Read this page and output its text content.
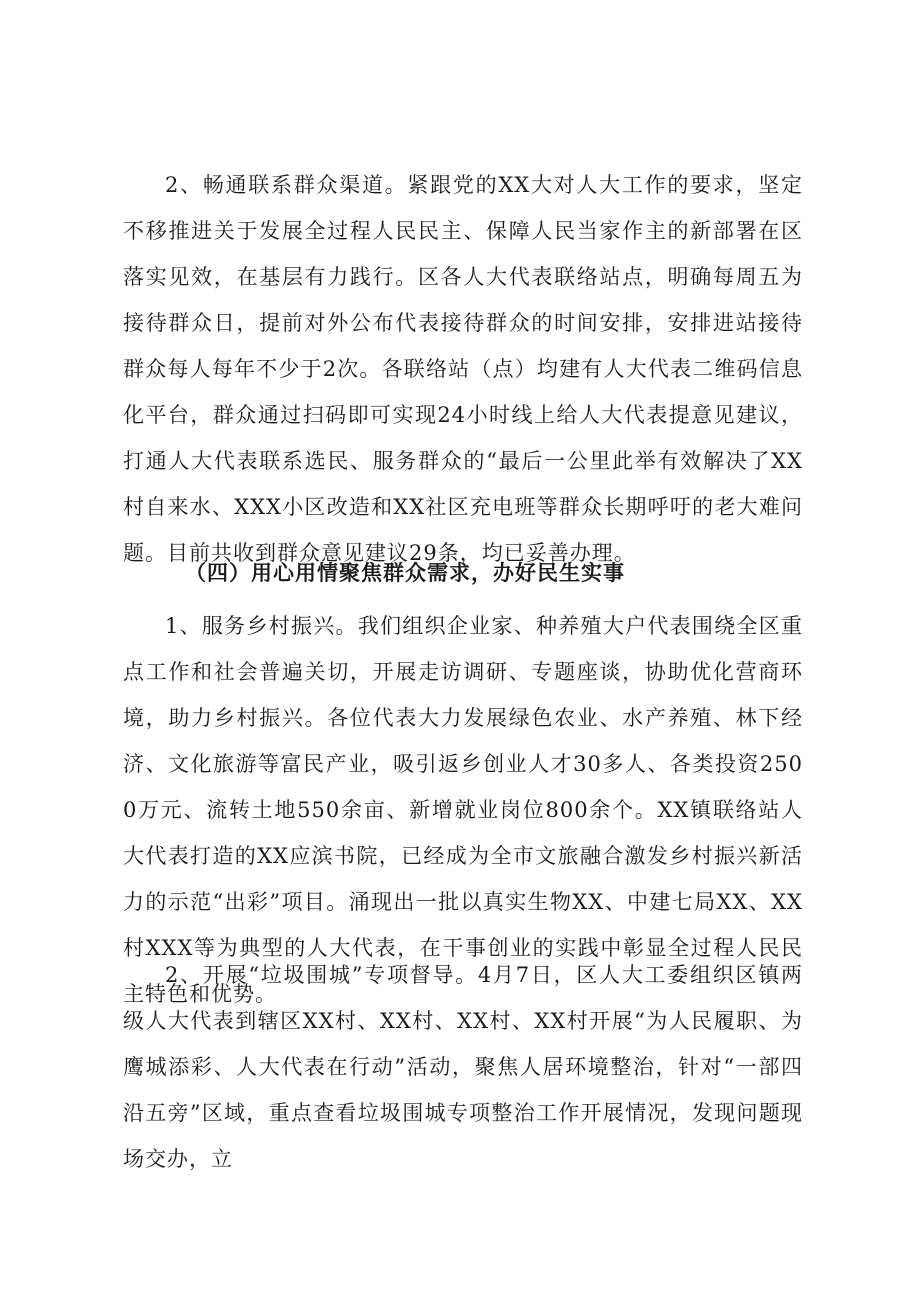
2、畅通联系群众渠道。紧跟党的XX大对人大工作的要求，坚定不移推进关于发展全过程人民民主、保障人民当家作主的新部署在区落实见效，在基层有力践行。区各人大代表联络站点，明确每周五为接待群众日，提前对外公布代表接待群众的时间安排，安排进站接待群众每人每年不少于2次。各联络站（点）均建有人大代表二维码信息化平台，群众通过扫码即可实现24小时线上给人大代表提意见建议，打通人大代表联系选民、服务群众的“最后一公里此举有效解决了XX村自来水、XXX小区改造和XX社区充电班等群众长期呼吁的老大难问题。目前共收到群众意见建议29条，均已妥善办理。

（四）用心用情聚焦群众需求，办好民生实事

1、服务乡村振兴。我们组织企业家、种养殖大户代表围绕全区重点工作和社会普遍关切，开展走访调研、专题座谈，协助优化营商环境，助力乡村振兴。各位代表大力发展绿色农业、水产养殖、林下经济、文化旅游等富民产业，吸引返乡创业人才30多人、各类投资2500万元、流转土地550余亩、新增就业岗位800余个。XX镇联络站人大代表打造的XX应滨书院，已经成为全市文旅融合激发乡村振兴新活力的示范“出彩”项目。涌现出一批以真实生物XX、中建七局XX、XX村XXX等为典型的人大代表，在干事创业的实践中彰显全过程人民民主特色和优势。

2、开展“垃圾围城”专项督导。4月7日，区人大工委组织区镇两级人大代表到辖区XX村、XX村、XX村、XX村开展“为人民履职、为鹰城添彩、人大代表在行动”活动，聚焦人居环境整治，针对“一部四沿五旁”区域，重点查看垃圾围城专项整治工作开展情况，发现问题现场交办，立
